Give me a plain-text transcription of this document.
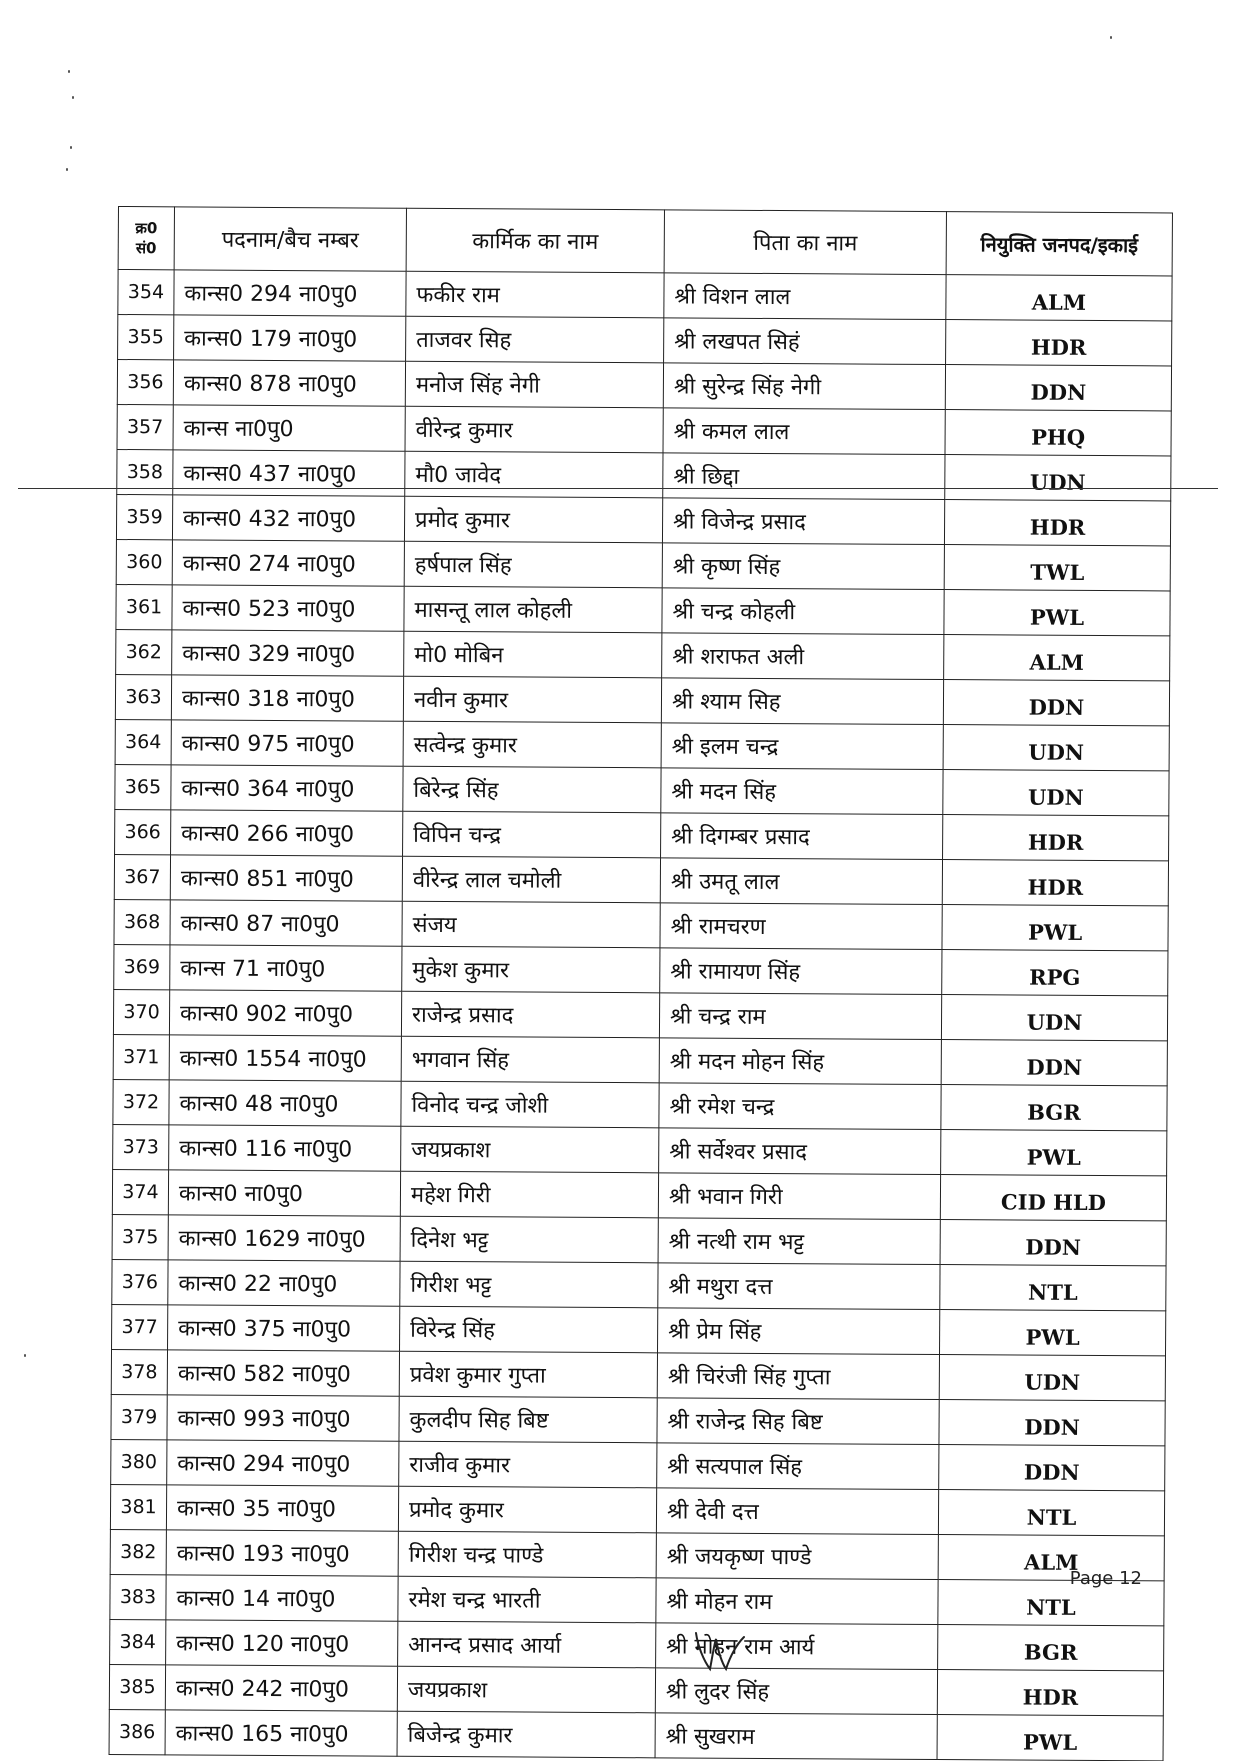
क्र0
सं0	पदनाम/बैच नम्बर	कार्मिक का नाम	पिता का नाम	नियुक्ति जनपद/इकाई
354	कान्स0 294 ना0पु0	फकीर राम	श्री विशन लाल	ALM
355	कान्स0 179 ना0पु0	ताजवर सिह	श्री लखपत सिहं	HDR
356	कान्स0 878 ना0पु0	मनोज सिंह नेगी	श्री सुरेन्द्र सिंह नेगी	DDN
357	कान्स ना0पु0	वीरेन्द्र कुमार	श्री कमल लाल	PHQ
358	कान्स0 437 ना0पु0	मौ0 जावेद	श्री छिद्दा	UDN
359	कान्स0 432 ना0पु0	प्रमोद कुमार	श्री विजेन्द्र प्रसाद	HDR
360	कान्स0 274 ना0पु0	हर्षपाल सिंह	श्री कृष्ण सिंह	TWL
361	कान्स0 523 ना0पु0	मासन्तू लाल कोहली	श्री चन्द्र कोहली	PWL
362	कान्स0 329 ना0पु0	मो0 मोबिन	श्री शराफत अली	ALM
363	कान्स0 318 ना0पु0	नवीन कुमार	श्री श्याम सिह	DDN
364	कान्स0 975 ना0पु0	सत्वेन्द्र कुमार	श्री इलम चन्द्र	UDN
365	कान्स0 364 ना0पु0	बिरेन्द्र सिंह	श्री मदन सिंह	UDN
366	कान्स0 266 ना0पु0	विपिन चन्द्र	श्री दिगम्बर प्रसाद	HDR
367	कान्स0 851 ना0पु0	वीरेन्द्र लाल चमोली	श्री उमतू लाल	HDR
368	कान्स0 87 ना0पु0	संजय	श्री रामचरण	PWL
369	कान्स 71 ना0पु0	मुकेश कुमार	श्री रामायण सिंह	RPG
370	कान्स0 902 ना0पु0	राजेन्द्र प्रसाद	श्री चन्द्र राम	UDN
371	कान्स0 1554 ना0पु0	भगवान सिंह	श्री मदन मोहन सिंह	DDN
372	कान्स0 48 ना0पु0	विनोद चन्द्र जोशी	श्री रमेश चन्द्र	BGR
373	कान्स0 116 ना0पु0	जयप्रकाश	श्री सर्वेश्वर प्रसाद	PWL
374	कान्स0 ना0पु0	महेश गिरी	श्री भवान गिरी	CID HLD
375	कान्स0 1629 ना0पु0	दिनेश भट्ट	श्री नत्थी राम भट्ट	DDN
376	कान्स0 22 ना0पु0	गिरीश भट्ट	श्री मथुरा दत्त	NTL
377	कान्स0 375 ना0पु0	विरेन्द्र सिंह	श्री प्रेम सिंह	PWL
378	कान्स0 582 ना0पु0	प्रवेश कुमार गुप्ता	श्री चिरंजी सिंह गुप्ता	UDN
379	कान्स0 993 ना0पु0	कुलदीप सिह बिष्ट	श्री राजेन्द्र सिह बिष्ट	DDN
380	कान्स0 294 ना0पु0	राजीव कुमार	श्री सत्यपाल सिंह	DDN
381	कान्स0 35 ना0पु0	प्रमोद कुमार	श्री देवी दत्त	NTL
382	कान्स0 193 ना0पु0	गिरीश चन्द्र पाण्डे	श्री जयकृष्ण पाण्डे	ALM
383	कान्स0 14 ना0पु0	रमेश चन्द्र भारती	श्री मोहन राम	NTL
384	कान्स0 120 ना0पु0	आनन्द प्रसाद आर्या	श्री मोहन राम आर्य	BGR
385	कान्स0 242 ना0पु0	जयप्रकाश	श्री लुदर सिंह	HDR
386	कान्स0 165 ना0पु0	बिजेन्द्र कुमार	श्री सुखराम	PWL
Page 12
